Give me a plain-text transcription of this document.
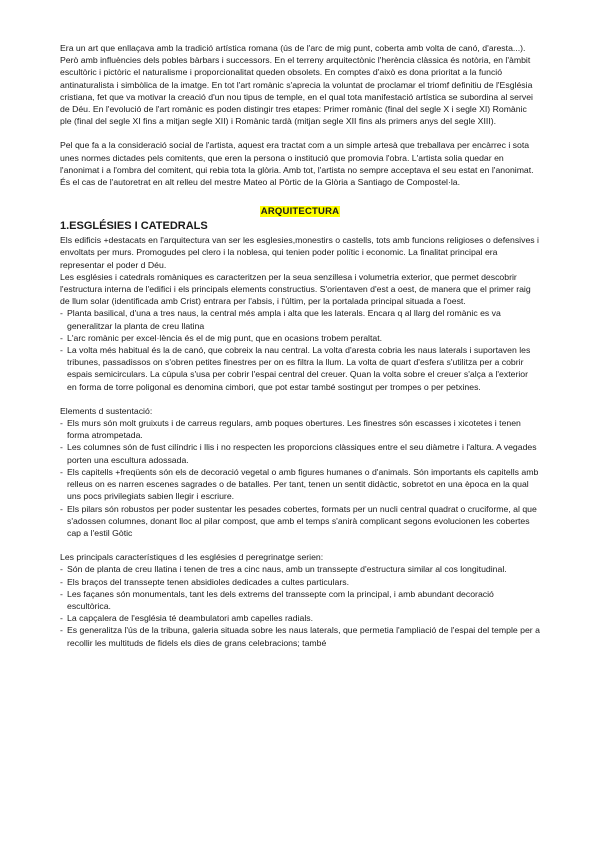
Era un art que enllaçava amb la tradició artística romana (ús de l'arc de mig punt, coberta amb volta de canó, d'aresta...). Però amb influències dels pobles bàrbars i successors. En el terreny arquitectònic l'herència clàssica és notòria, en l'àmbit escultòric i pictòric el naturalisme i proporcionalitat queden obsolets. En comptes d'això es dona prioritat a la funció antinaturalista i simbòlica de la imatge. En tot l'art romànic s'aprecia la voluntat de proclamar el triomf definitiu de l'Església cristiana, fet que va motivar la creació d'un nou tipus de temple, en el qual tota manifestació artística se subordina al servei de Déu. En l'evolució de l'art romànic es poden distingir tres etapes: Primer romànic (final del segle X i segle XI) Romànic ple (final del segle XI fins a mitjan segle XII) i Romànic tardà (mitjan segle XII fins als primers anys del segle XIII).

Pel que fa a la consideració social de l'artista, aquest era tractat com a un simple artesà que treballava per encàrrec i sota unes normes dictades pels comitents, que eren la persona o institució que promovia l'obra. L'artista solia quedar en l'anonimat i a l'ombra del comitent, qui rebia tota la glòria. Amb tot, l'artista no sempre acceptava el seu estat en l'anonimat. És el cas de l'autoretrat en alt relleu del mestre Mateo al Pòrtic de la Glòria a Santiago de Compostel·la.

ARQUITECTURA
1.ESGLÉSIES I CATEDRALS

Els edificis +destacats en l'arquitectura van ser les esglesies,monestirs o castells, tots amb funcions religioses o defensives i envoltats per murs. Promogudes pel clero i la noblesa, qui tenien poder polític i economic. La finalitat principal era representar el poder d Déu.

Les esglésies i catedrals romàniques es caracteritzen per la seua senzillesa i volumetria exterior, que permet descobrir l'estructura interna de l'edifici i els principals elements constructius. S'orientaven d'est a oest, de manera que el primer raig de llum solar (identificada amb Crist) entrara per l'absis, i l'últim, per la portalada principal situada a l'oest.

- Planta basilical, d'una a tres naus, la central més ampla i alta que les laterals. Encara q al llarg del romànic es va generalitzar la planta de creu llatina
- L'arc romànic per excel·lència és el de mig punt, que en ocasions trobem peraltat.
- La volta més habitual és la de canó, que cobreix la nau central. La volta d'aresta cobria les naus laterals i suportaven les tribunes, passadissos on s'obren petites finestres per on es filtra la llum. La volta de quart d'esfera s'utilitza per a cobrir espais semicirculars. La cúpula s'usa per cobrir l'espai central del creuer. Quan la volta sobre el creuer s'alça a l'exterior en forma de torre poligonal es denomina cimbori, que pot estar també sostingut per trompes o per petxines.

Elements d sustentació:

- Els murs són molt gruixuts i de carreus regulars, amb poques obertures. Les finestres són escasses i xicotetes i tenen forma atrompetada.
- Les columnes són de fust cilíndric i llis i no respecten les proporcions clàssiques entre el seu diàmetre i l'altura. A vegades porten una escultura adossada.
- Els capitells +freqüents són els de decoració vegetal o amb figures humanes o d'animals. Són importants els capitells amb relleus on es narren escenes sagrades o de batalles. Per tant, tenen un sentit didàctic, sobretot en una època en la qual uns pocs privilegiats sabien llegir i escriure.
- Els pilars són robustos per poder sustentar les pesades cobertes, formats per un nucli central quadrat o cruciforme, al que s'adossen columnes, donant lloc al pilar compost, que amb el temps s'anirà complicant segons evolucionen les cobertes cap a l'estil Gòtic

Les principals característiques d les esglésies d peregrinatge serien:

- Són de planta de creu llatina i tenen de tres a cinc naus, amb un transsepte d'estructura similar al cos longitudinal.
- Els braços del transsepte tenen absidioles dedicades a cultes particulars.
- Les façanes són monumentals, tant les dels extrems del transsepte com la principal, i amb abundant decoració escultòrica.
- La capçalera de l'església té deambulatori amb capelles radials.
- Es generalitza l'ús de la tribuna, galeria situada sobre les naus laterals, que permetia l'ampliació de l'espai del temple per a recollir les multituds de fidels els dies de grans celebracions; també
